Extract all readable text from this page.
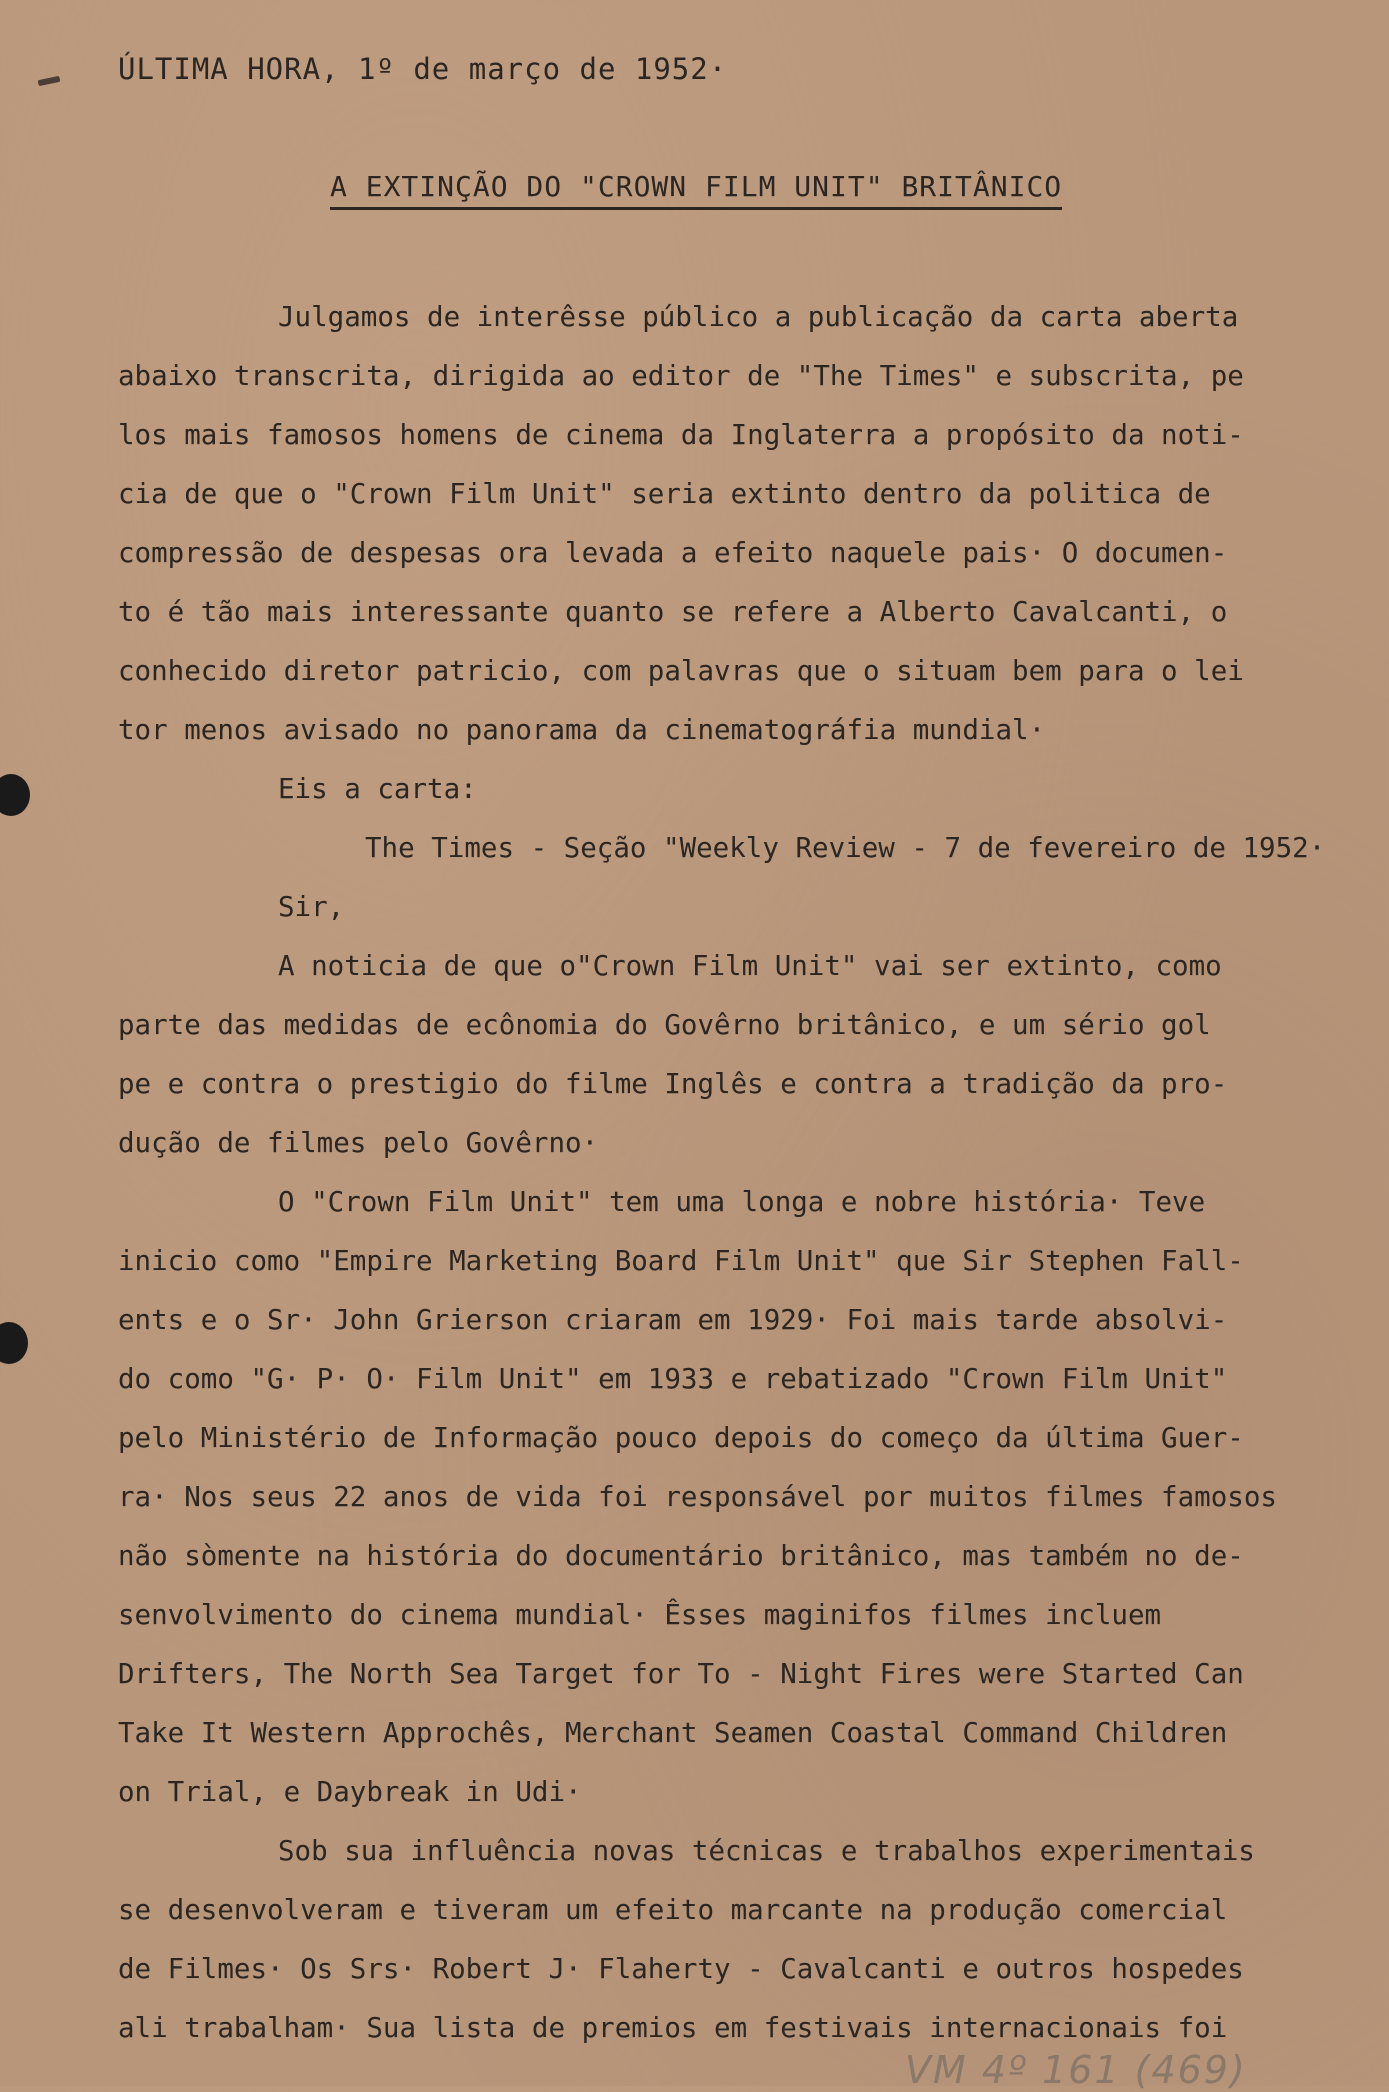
ÚLTIMA HORA, 1º de março de 1952·
A EXTINÇÃO DO "CROWN FILM UNIT" BRITÂNICO
Julgamos de interêsse público a publicação da carta aberta
abaixo transcrita, dirigida ao editor de "The Times" e subscrita, pe
los mais famosos homens de cinema da Inglaterra a propósito da noti-
cia de que o "Crown Film Unit" seria extinto dentro da politica de
compressão de despesas ora levada a efeito naquele pais· O documen-
to é tão mais interessante quanto se refere a Alberto Cavalcanti, o
conhecido diretor patricio, com palavras que o situam bem para o lei
tor menos avisado no panorama da cinematográfia mundial·
Eis a carta:
The Times - Seção "Weekly Review - 7 de fevereiro de 1952·
Sir,
A noticia de que o"Crown Film Unit" vai ser extinto, como
parte das medidas de ecônomia do Govêrno britânico, e um sério gol
pe e contra o prestigio do filme Inglês e contra a tradição da pro-
dução de filmes pelo Govêrno·
O "Crown Film Unit" tem uma longa e nobre história· Teve
inicio como "Empire Marketing Board Film Unit" que Sir Stephen Fall-
ents e o Sr· John Grierson criaram em 1929· Foi mais tarde absolvi-
do como "G· P· O· Film Unit" em 1933 e rebatizado "Crown Film Unit"
pelo Ministério de Informação pouco depois do começo da última Guer-
ra· Nos seus 22 anos de vida foi responsável por muitos filmes famosos
não sòmente na história do documentário britânico, mas também no de-
senvolvimento do cinema mundial· Êsses maginifos filmes incluem
Drifters, The North Sea Target for To - Night Fires were Started Can
Take It Western Approchês, Merchant Seamen Coastal Command Children
on Trial, e Daybreak in Udi·
Sob sua influência novas técnicas e trabalhos experimentais
se desenvolveram e tiveram um efeito marcante na produção comercial
de Filmes· Os Srs· Robert J· Flaherty - Cavalcanti e outros hospedes
ali trabalham· Sua lista de premios em festivais internacionais foi
VM 4º 161 (469)
